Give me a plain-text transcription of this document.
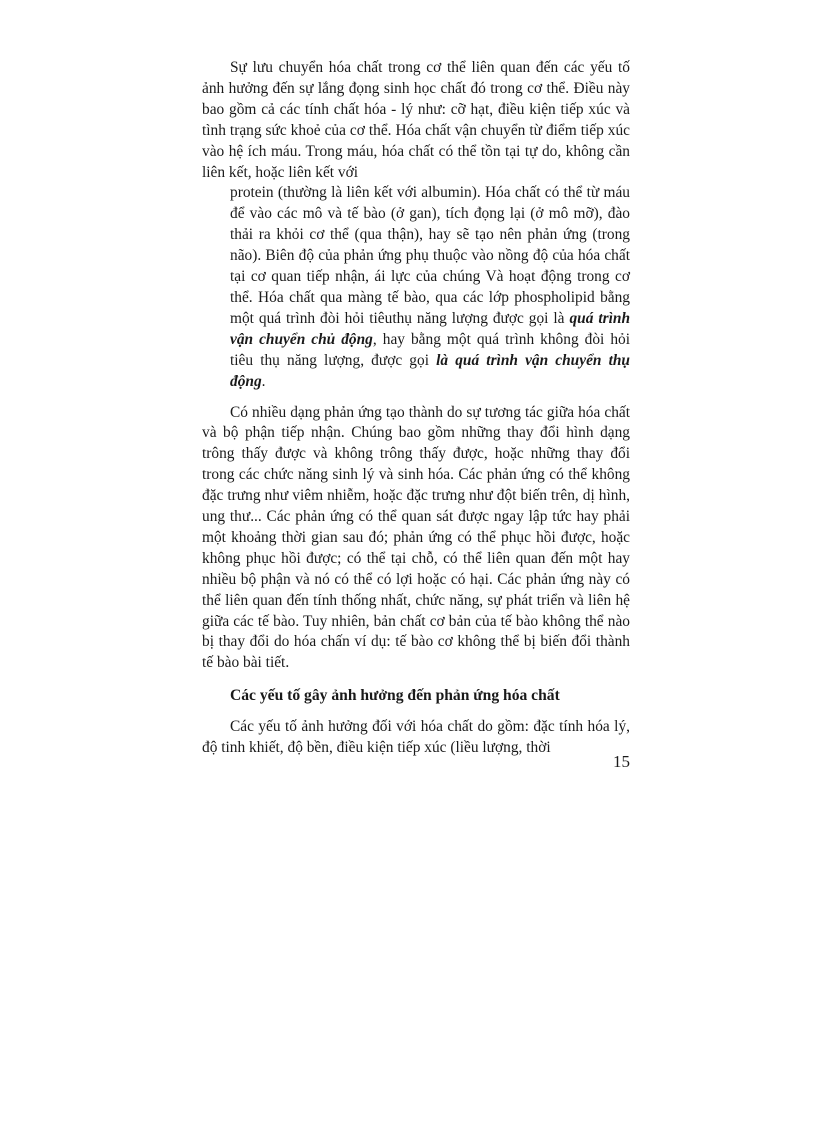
Sự lưu chuyển hóa chất trong cơ thể liên quan đến các yếu tố ảnh hưởng đến sự lắng đọng sinh học chất đó trong cơ thể. Điều này bao gồm cả các tính chất hóa - lý như: cỡ hạt, điều kiện tiếp xúc và tình trạng sức khoẻ của cơ thể. Hóa chất vận chuyển từ điểm tiếp xúc vào hệ ích máu. Trong máu, hóa chất có thể tồn tại tự do, không cần liên kết, hoặc liên kết với

protein (thường là liên kết với albumin). Hóa chất có thể từ máu để vào các mô và tế bào (ở gan), tích đọng lại (ở mô mỡ), đào thải ra khỏi cơ thể (qua thận), hay sẽ tạo nên phản ứng (trong não). Biên độ của phản ứng phụ thuộc vào nồng độ của hóa chất tại cơ quan tiếp nhận, ái lực của chúng Và hoạt động trong cơ thể. Hóa chất qua màng tế bào, qua các lớp phospholipid bằng một quá trình đòi hỏi tiêuthụ năng lượng được gọi là quá trình vận chuyển chủ động, hay bằng một quá trình không đòi hỏi tiêu thụ năng lượng, được gọi là quá trình vận chuyển thụ động.

Có nhiều dạng phản ứng tạo thành do sự tương tác giữa hóa chất và bộ phận tiếp nhận. Chúng bao gồm những thay đổi hình dạng trông thấy được và không trông thấy được, hoặc những thay đổi trong các chức năng sinh lý và sinh hóa. Các phản ứng có thể không đặc trưng như viêm nhiễm, hoặc đặc trưng như đột biến trên, dị hình, ung thư... Các phản ứng có thể quan sát được ngay lập tức hay phải một khoảng thời gian sau đó; phản ứng có thể phục hồi được, hoặc không phục hồi được; có thể tại chỗ, có thể liên quan đến một hay nhiều bộ phận và nó có thể có lợi hoặc có hại. Các phản ứng này có thể liên quan đến tính thống nhất, chức năng, sự phát triển và liên hệ giữa các tế bào. Tuy nhiên, bản chất cơ bản của tế bào không thể nào bị thay đổi do hóa chấn ví dụ: tế bào cơ không thể bị biến đổi thành tế bào bài tiết.

Các yếu tố gây ảnh hưởng đến phản ứng hóa chất

Các yếu tố ảnh hưởng đối với hóa chất do gồm: đặc tính hóa lý, độ tinh khiết, độ bền, điều kiện tiếp xúc (liều lượng, thời

15
